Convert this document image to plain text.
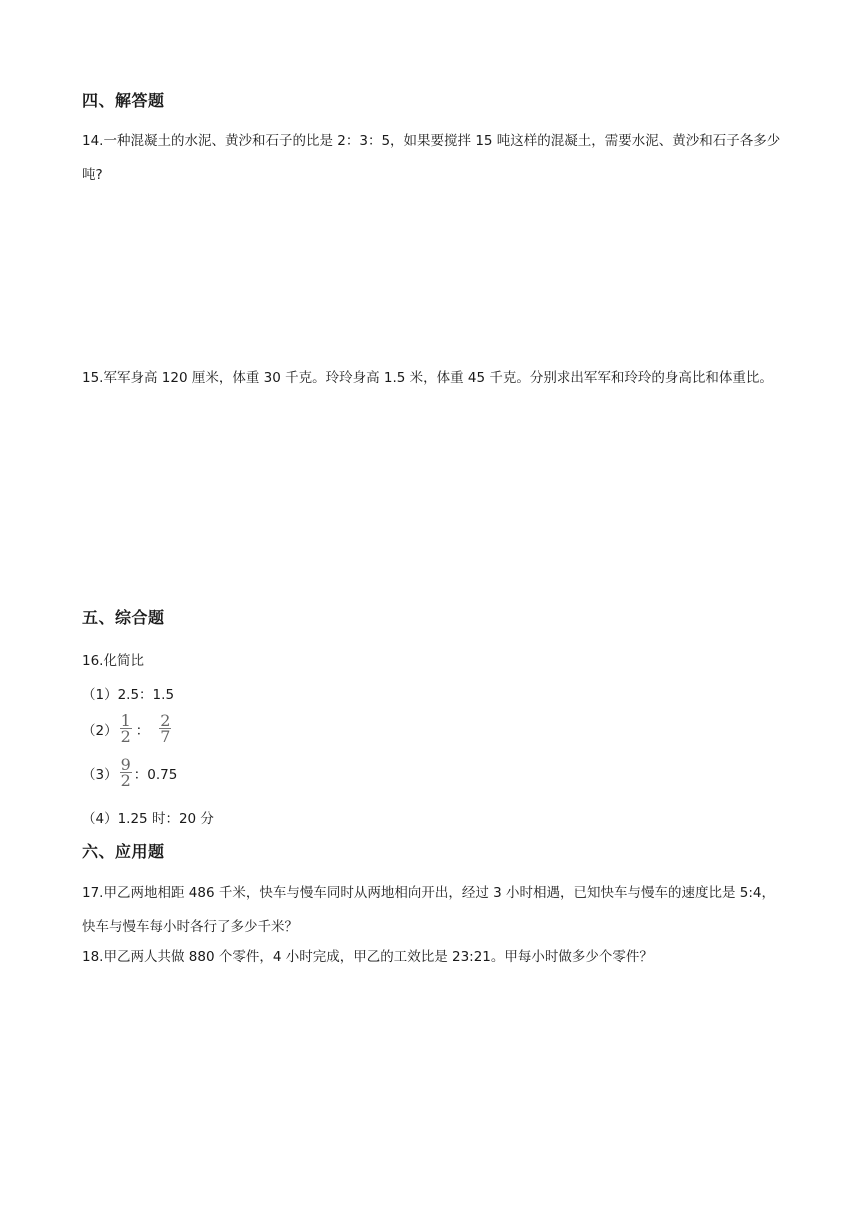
四、解答题
14.一种混凝土的水泥、黄沙和石子的比是 2：3：5，如果要搅拌 15 吨这样的混凝土，需要水泥、黄沙和石子各多少吨?
15.军军身高 120 厘米，体重 30 千克。玲玲身高 1.5 米，体重 45 千克。分别求出军军和玲玲的身高比和体重比。
五、综合题
16.化简比
（1）2.5：1.5
$(2) \frac{1}{2}$ ： $\frac{2}{7}$
$(3) \frac{9}{2}$ ：0.75
（4）1.25 时：20 分
六、应用题
17.甲乙两地相距 486 千米，快车与慢车同时从两地相向开出，经过 3 小时相遇，已知快车与慢车的速度比是 5:4，快车与慢车每小时各行了多少千米？
18.甲乙两人共做 880 个零件，4 小时完成，甲乙的工效比是 23:21。甲每小时做多少个零件？
